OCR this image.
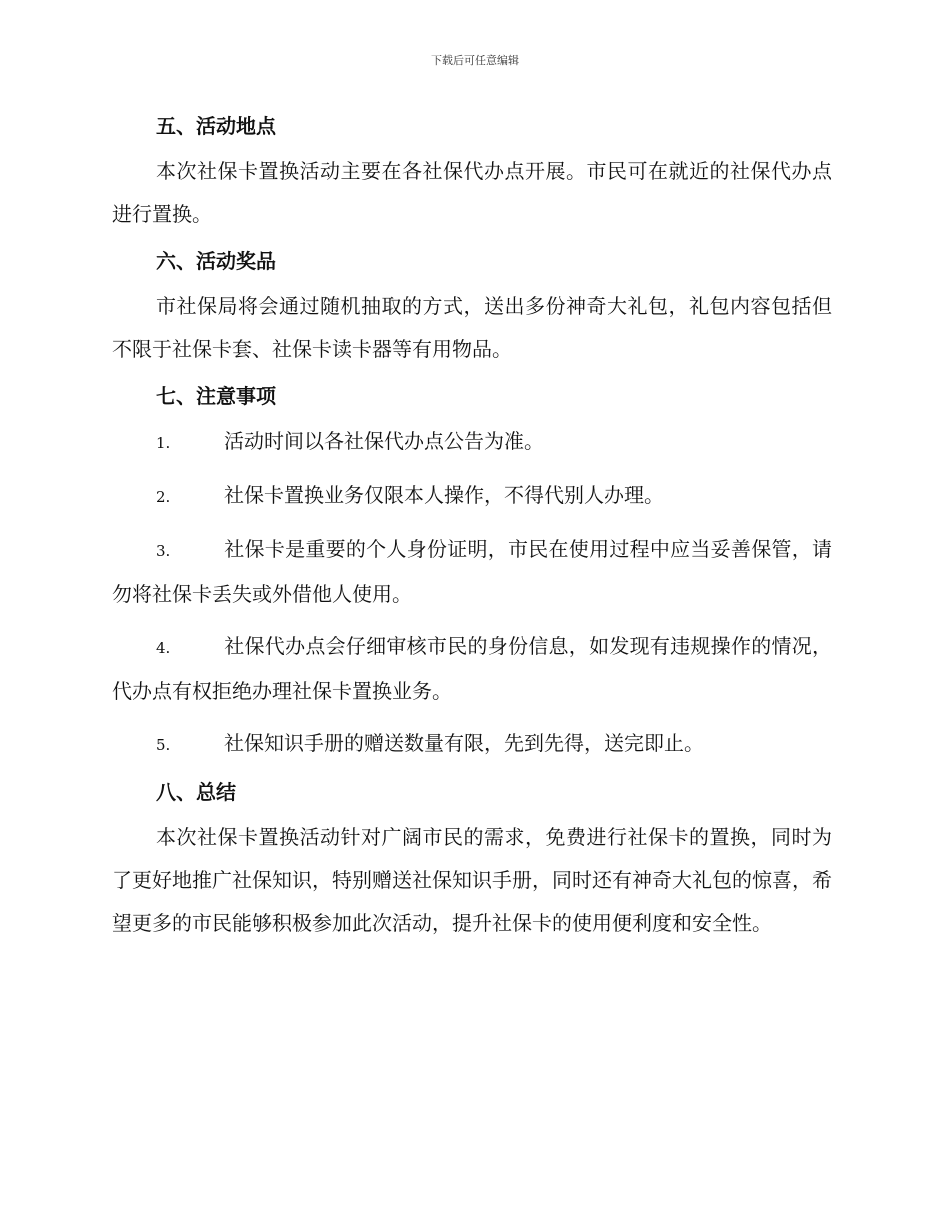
下载后可任意编辑
五、活动地点

本次社保卡置换活动主要在各社保代办点开展。市民可在就近的社保代办点进行置换。

六、活动奖品

市社保局将会通过随机抽取的方式，送出多份神奇大礼包，礼包内容包括但不限于社保卡套、社保卡读卡器等有用物品。

七、注意事项

1.	活动时间以各社保代办点公告为准。

2.	社保卡置换业务仅限本人操作，不得代别人办理。

3.	社保卡是重要的个人身份证明，市民在使用过程中应当妥善保管，请勿将社保卡丢失或外借他人使用。

4.	社保代办点会仔细审核市民的身份信息，如发现有违规操作的情况，代办点有权拒绝办理社保卡置换业务。

5.	社保知识手册的赠送数量有限，先到先得，送完即止。

八、总结

本次社保卡置换活动针对广阔市民的需求，免费进行社保卡的置换，同时为了更好地推广社保知识，特别赠送社保知识手册，同时还有神奇大礼包的惊喜，希望更多的市民能够积极参加此次活动，提升社保卡的使用便利度和安全性。
